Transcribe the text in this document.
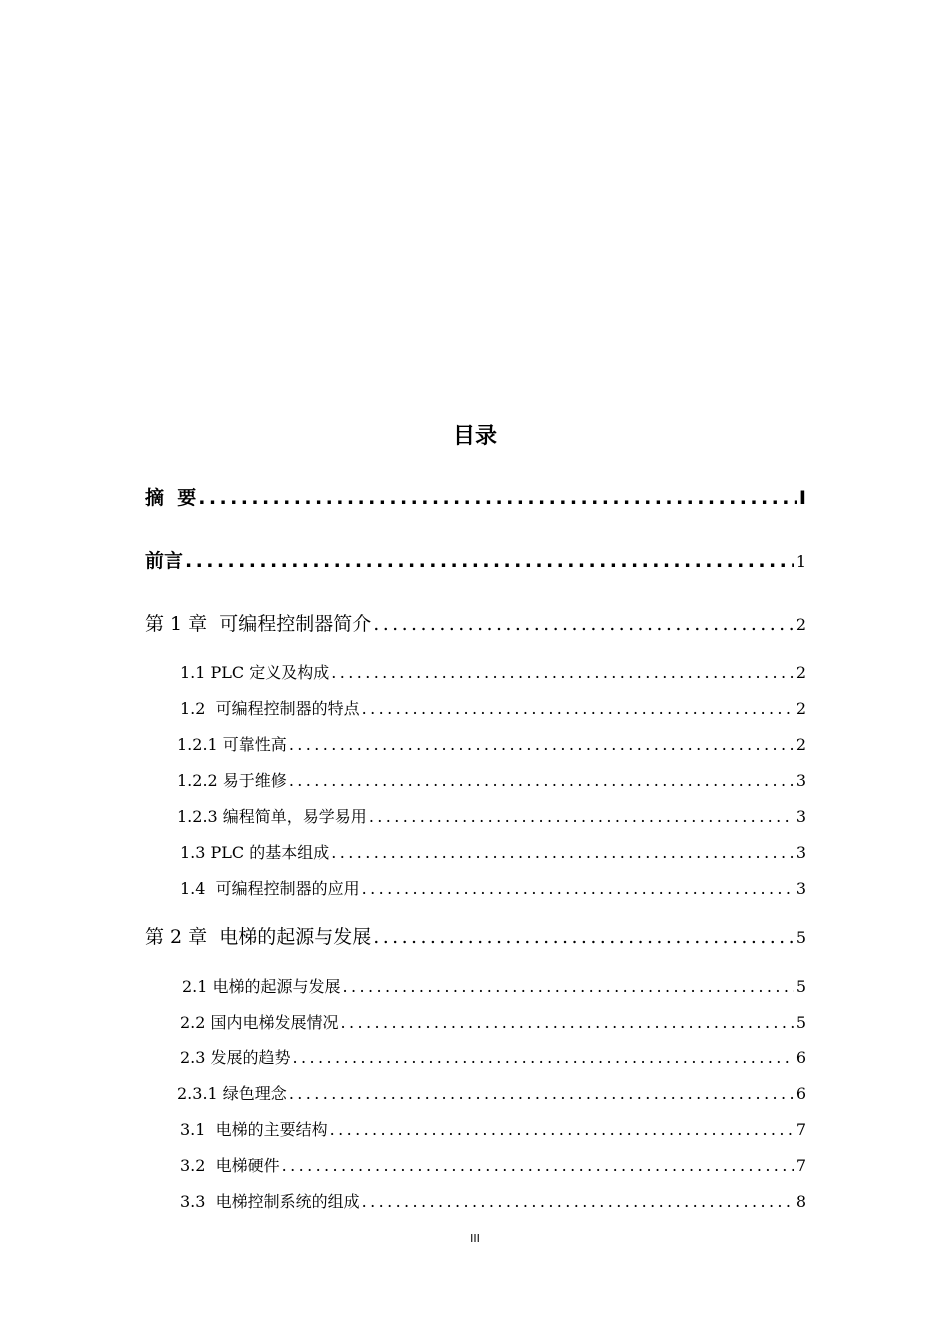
目录
摘  要 .....	I
前言 .....	1
第 1 章  可编程控制器简介 .....	2
1.1 PLC 定义及构成 .....	2
1.2  可编程控制器的特点 .....	2
1.2.1 可靠性高 .....	2
1.2.2 易于维修 .....	3
1.2.3 编程简单，易学易用 .....	3
1.3 PLC 的基本组成 .....	3
1.4  可编程控制器的应用 .....	3
第 2 章  电梯的起源与发展 .....	5
2.1 电梯的起源与发展 .....	5
2.2 国内电梯发展情况 .....	5
2.3 发展的趋势 .....	6
2.3.1 绿色理念 .....	6
3.1  电梯的主要结构 .....	7
3.2  电梯硬件 .....	7
3.3  电梯控制系统的组成 .....	8
III
